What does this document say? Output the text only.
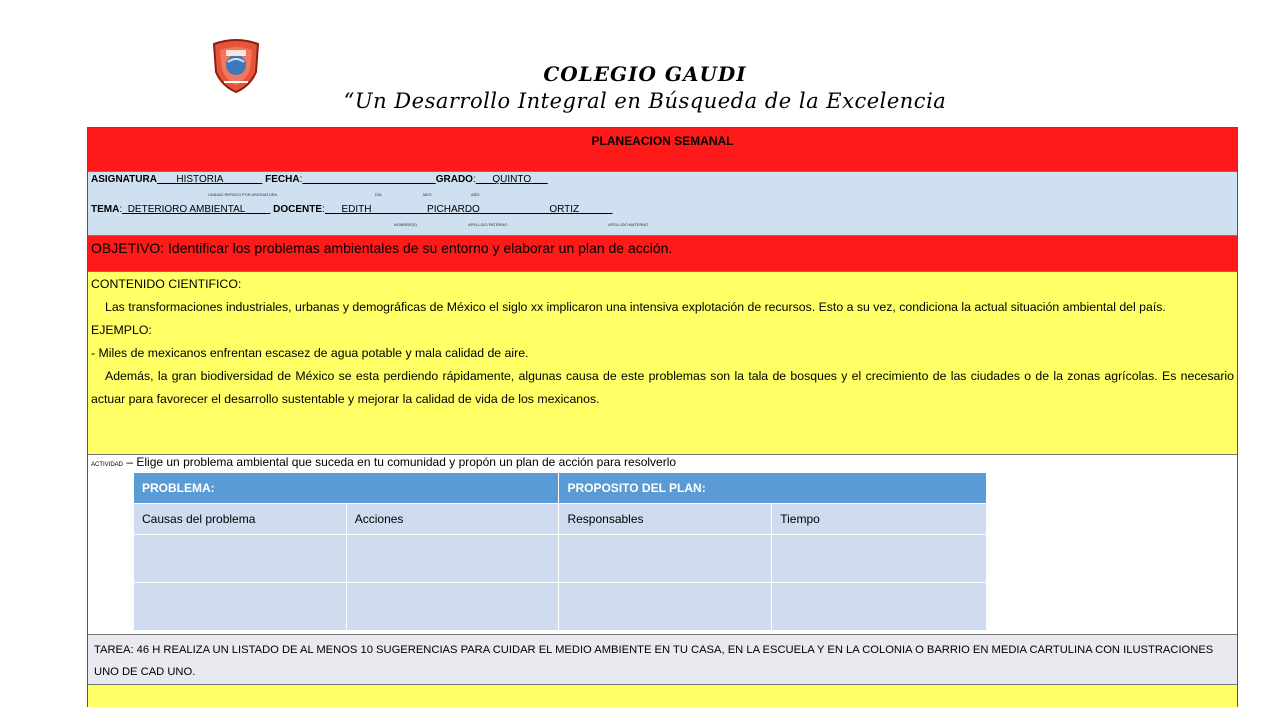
COLEGIO GAUDI
“Un Desarrollo Integral en Búsqueda de la Excelencia
PLANEACION SEMANAL
ASIGNATURA HISTORIA	FECHA:	GRADO: QUINTO
UNIDAD REPASO POR ASIGNATURA	DÍA	MES	AÑO
TEMA: DETERIORO AMBIENTAL	DOCENTE: EDITH	PICHARDO	ORTIZ
NOMBRE(S)	APELLIDO PATERNO	APELLIDO MATERNO
OBJETIVO: Identificar los problemas ambientales de su entorno y elaborar un plan de acción.
CONTENIDO CIENTIFICO:
Las transformaciones industriales, urbanas y demográficas de México el siglo xx implicaron una intensiva explotación de recursos. Esto a su vez, condiciona la actual situación ambiental del país.
EJEMPLO:
- Miles de mexicanos enfrentan escasez de agua potable y mala calidad de aire.
Además, la gran biodiversidad de México se esta perdiendo rápidamente, algunas causa de este problemas son la tala de bosques y el crecimiento de las ciudades o de la zonas agrícolas. Es necesario actuar para favorecer el desarrollo sustentable y mejorar la calidad de vida de los mexicanos.
ACTIVIDAD – Elige un problema ambiental que suceda en tu comunidad y propón un plan de acción para resolverlo
PROBLEMA:		PROPOSITO DEL PLAN:	
Causas del problema	Acciones	Responsables	Tiempo

TAREA: 46 H REALIZA UN LISTADO DE AL MENOS 10 SUGERENCIAS PARA CUIDAR EL MEDIO AMBIENTE EN TU CASA, EN LA ESCUELA Y EN LA COLONIA O BARRIO EN MEDIA CARTULINA CON ILUSTRACIONES UNO DE CAD UNO.
